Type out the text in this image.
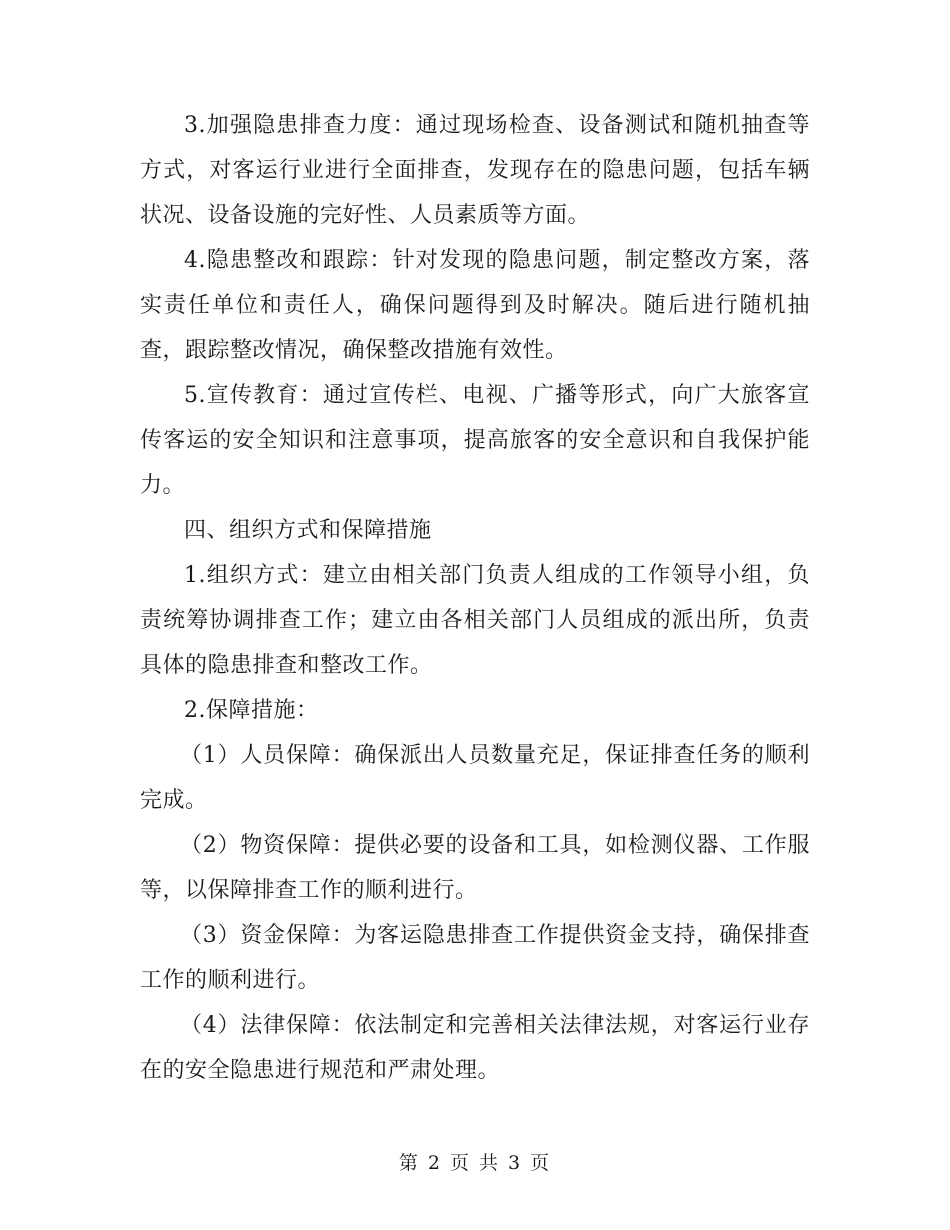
3.加强隐患排查力度：通过现场检查、设备测试和随机抽查等方式，对客运行业进行全面排查，发现存在的隐患问题，包括车辆状况、设备设施的完好性、人员素质等方面。

4.隐患整改和跟踪：针对发现的隐患问题，制定整改方案，落实责任单位和责任人，确保问题得到及时解决。随后进行随机抽查，跟踪整改情况，确保整改措施有效性。

5.宣传教育：通过宣传栏、电视、广播等形式，向广大旅客宣传客运的安全知识和注意事项，提高旅客的安全意识和自我保护能力。

四、组织方式和保障措施

1.组织方式：建立由相关部门负责人组成的工作领导小组，负责统筹协调排查工作；建立由各相关部门人员组成的派出所，负责具体的隐患排查和整改工作。

2.保障措施：

（1）人员保障：确保派出人员数量充足，保证排查任务的顺利完成。

（2）物资保障：提供必要的设备和工具，如检测仪器、工作服等，以保障排查工作的顺利进行。

（3）资金保障：为客运隐患排查工作提供资金支持，确保排查工作的顺利进行。

（4）法律保障：依法制定和完善相关法律法规，对客运行业存在的安全隐患进行规范和严肃处理。

第 2 页 共 3 页
